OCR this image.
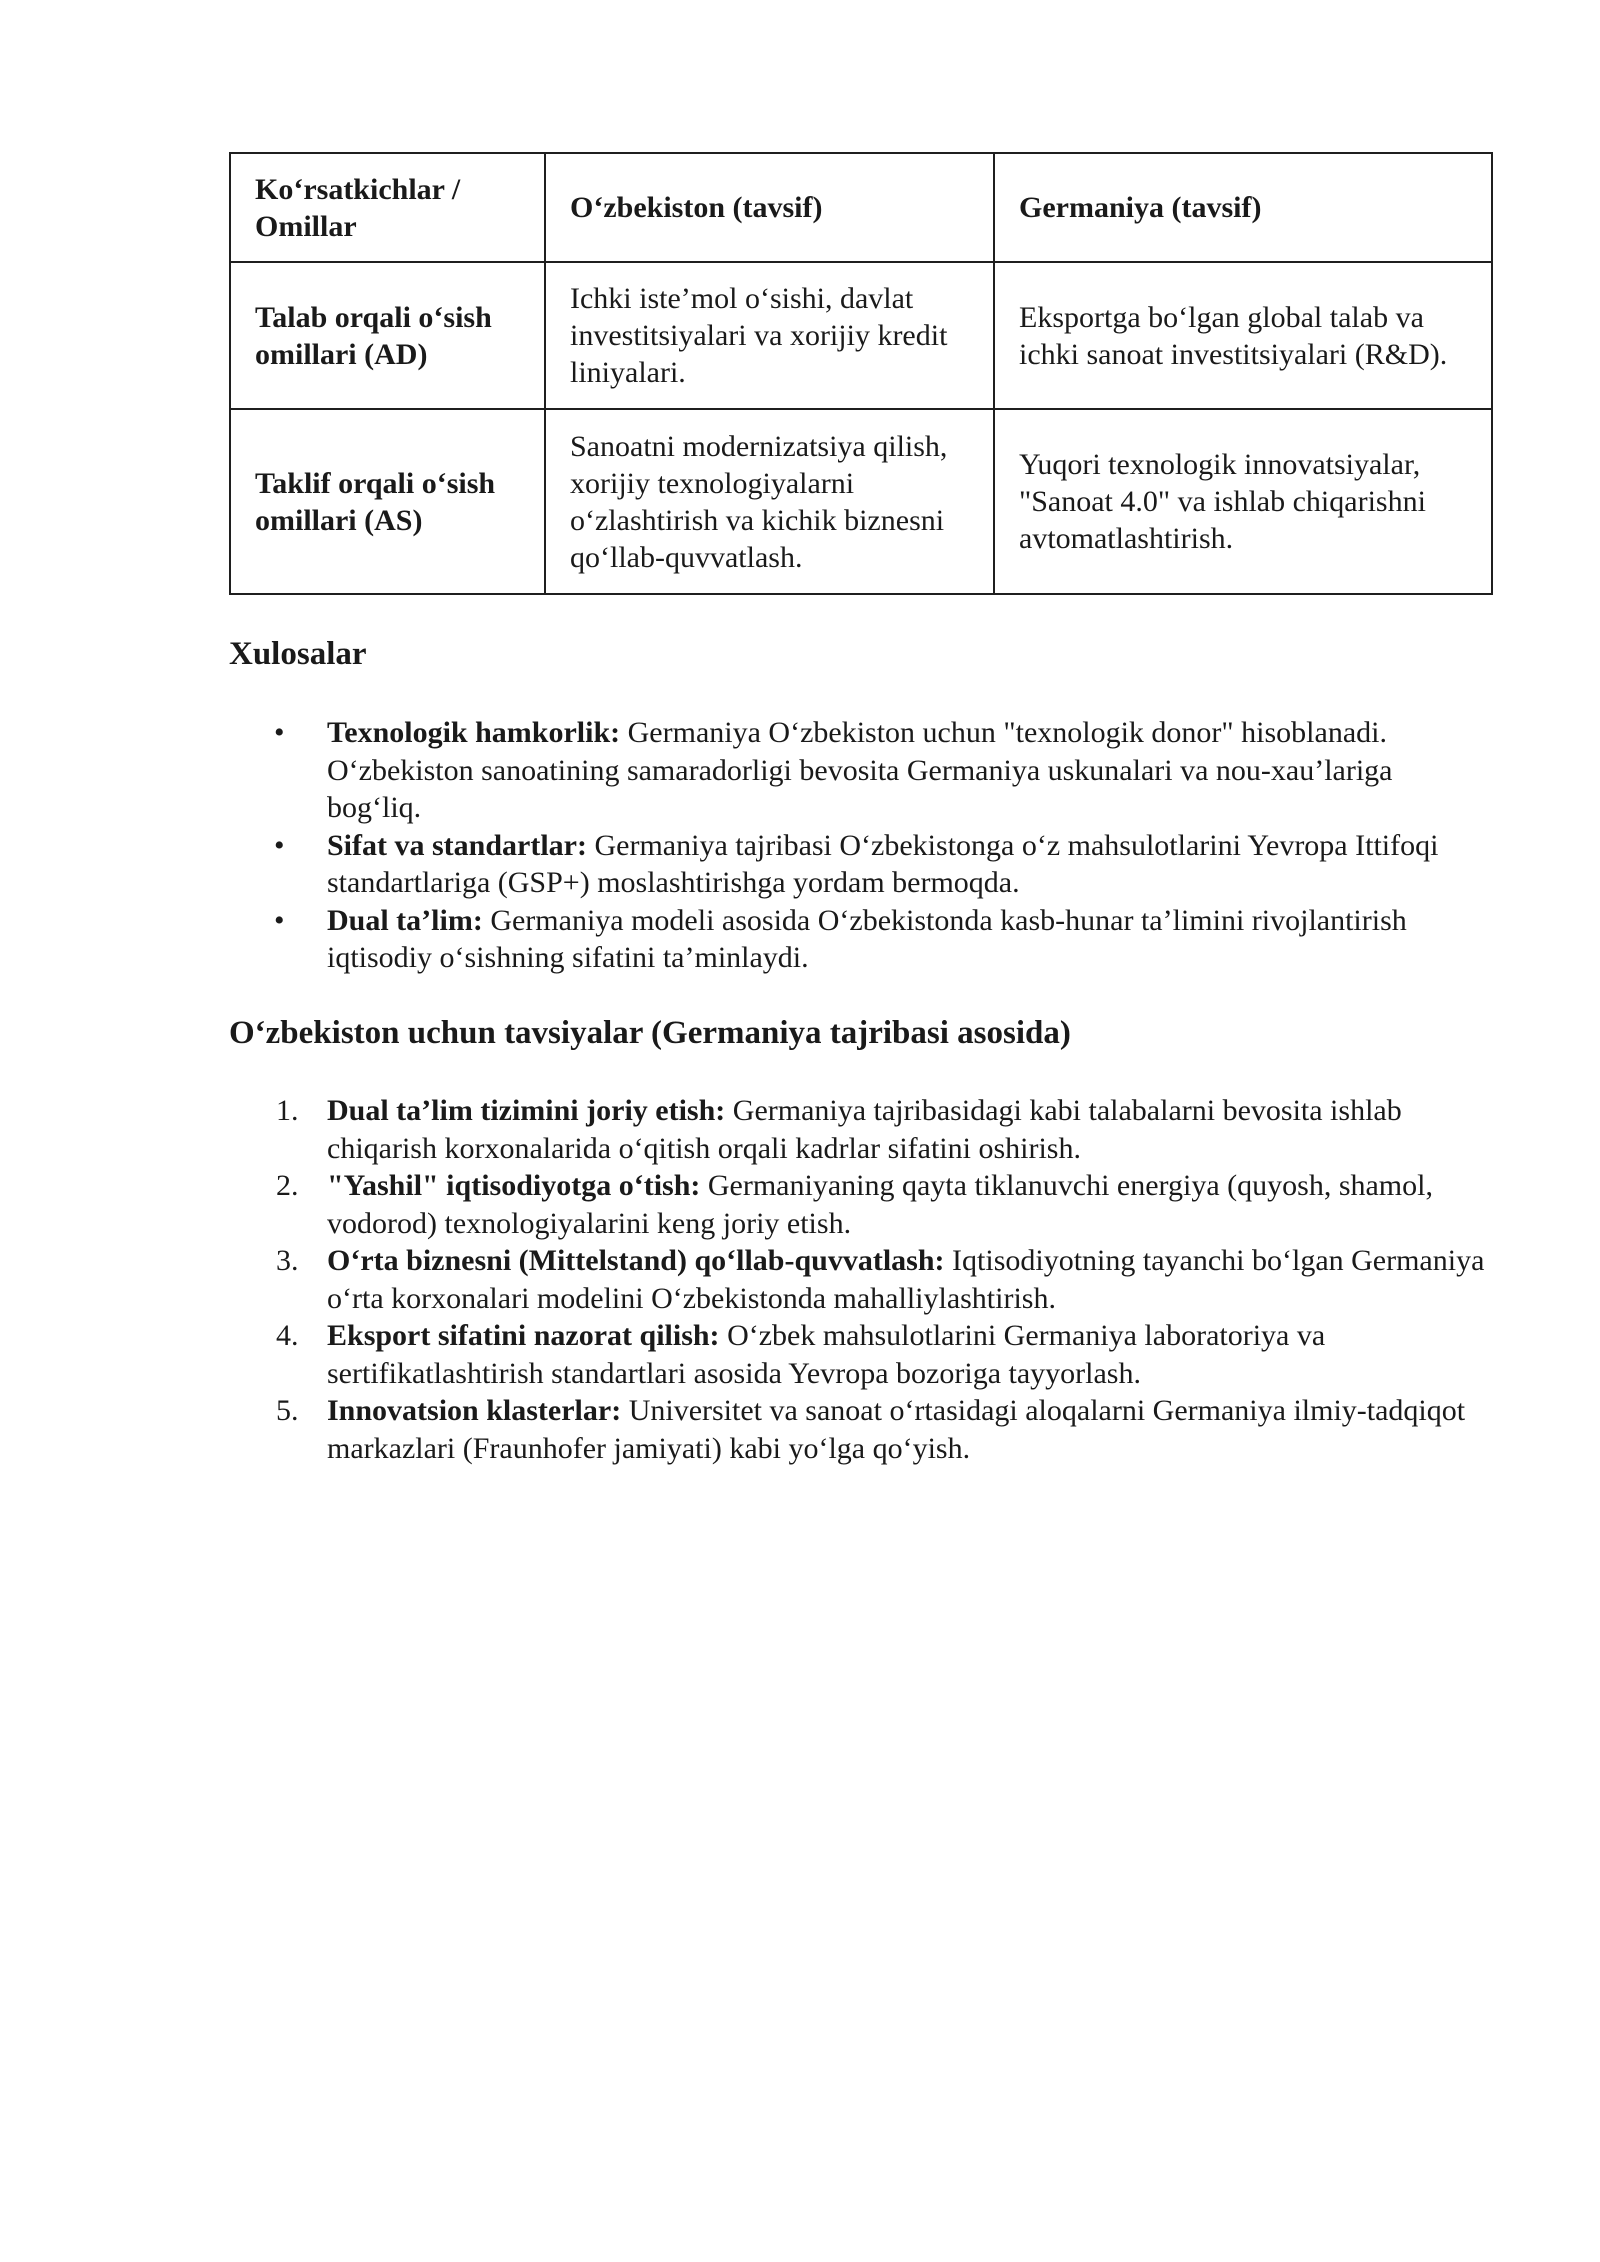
Ko‘rsatkichlar / Omillar	O‘zbekiston (tavsif)	Germaniya (tavsif)
Talab orqali o‘sish omillari (AD)	Ichki iste’mol o‘sishi, davlat investitsiyalari va xorijiy kredit liniyalari.	Eksportga bo‘lgan global talab va ichki sanoat investitsiyalari (R&D).
Taklif orqali o‘sish omillari (AS)	Sanoatni modernizatsiya qilish, xorijiy texnologiyalarni o‘zlashtirish va kichik biznesni qo‘llab-quvvatlash.	Yuqori texnologik innovatsiyalar, "Sanoat 4.0" va ishlab chiqarishni avtomatlashtirish.
Xulosalar
• Texnologik hamkorlik: Germaniya O‘zbekiston uchun "texnologik donor" hisoblanadi. O‘zbekiston sanoatining samaradorligi bevosita Germaniya uskunalari va nou-xau’lariga bog‘liq.
• Sifat va standartlar: Germaniya tajribasi O‘zbekistonga o‘z mahsulotlarini Yevropa Ittifoqi standartlariga (GSP+) moslashtirishga yordam bermoqda.
• Dual ta’lim: Germaniya modeli asosida O‘zbekistonda kasb-hunar ta’limini rivojlantirish iqtisodiy o‘sishning sifatini ta’minlaydi.
O‘zbekiston uchun tavsiyalar (Germaniya tajribasi asosida)
1. Dual ta’lim tizimini joriy etish: Germaniya tajribasidagi kabi talabalarni bevosita ishlab chiqarish korxonalarida o‘qitish orqali kadrlar sifatini oshirish.
2. "Yashil" iqtisodiyotga o‘tish: Germaniyaning qayta tiklanuvchi energiya (quyosh, shamol, vodorod) texnologiyalarini keng joriy etish.
3. O‘rta biznesni (Mittelstand) qo‘llab-quvvatlash: Iqtisodiyotning tayanchi bo‘lgan Germaniya o‘rta korxonalari modelini O‘zbekistonda mahalliylashtirish.
4. Eksport sifatini nazorat qilish: O‘zbek mahsulotlarini Germaniya laboratoriya va sertifikatlashtirish standartlari asosida Yevropa bozoriga tayyorlash.
5. Innovatsion klasterlar: Universitet va sanoat o‘rtasidagi aloqalarni Germaniya ilmiy-tadqiqot markazlari (Fraunhofer jamiyati) kabi yo‘lga qo‘yish.
